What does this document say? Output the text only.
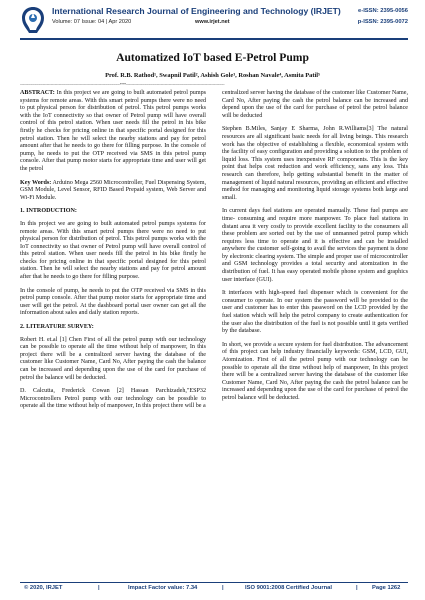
International Research Journal of Engineering and Technology (IRJET)
Volume: 07 Issue: 04 | Apr 2020	www.irjet.net
e-ISSN: 2395-0056
p-ISSN: 2395-0072
Automatized IoT based E-Petrol Pump
Prof. R.B. Rathod¹, Swapnil Patil², Ashish Gole³, Roshan Navale⁴, Asmita Patil⁵
---------------------------------------------------------------------------***--------------------------------------------------------------------------

ABSTRACT: In this project we are going to built automated petrol pumps systems for remote areas. With this smart petrol pumps there were no need to put physical person for distribution of petrol. This petrol pumps works with the IoT connectivity so that owner of Petrol pump will have overall control of this petrol station. When user needs fill the petrol in his bike firstly he checks for pricing online in that specific portal designed for this petrol station. Then he will select the nearby stations and pay for petrol amount after that he needs to go there for filling purpose. In the console of pump, he needs to put the OTP received via SMS in this petrol pump console. After that pump motor starts for appropriate time and user will get the petrol

Key Words: Arduino Mega 2560 Microcontroller, Fuel Dispensing System, GSM Module, Level Sensor, RFID Based Prepaid system, Web Server and Wi-Fi Module.

1. INTRODUCTION:

In this project we are going to built automated petrol pumps systems for remote areas. With this smart petrol pumps there were no need to put physical person for distribution of petrol. This petrol pumps works with the IoT connectivity so that owner of Petrol pump will have overall control of this petrol station. When user needs fill the petrol in his bike firstly he checks for pricing online in that specific portal designed for this petrol station. Then he will select the nearby stations and pay for petrol amount after that he needs to go there for filling purpose.

In the console of pump, he needs to put the OTP received via SMS in this petrol pump console. After that pump motor starts for appropriate time and user will get the petrol. At the dashboard portal user owner can get all the information about sales and daily station reports.

2. LITERATURE SURVEY:

Robert H. et.al [1] Chen First of all the petrol pump with our technology can be possible to operate all the time without help of manpower, In this project there will be a centralized server having the database of the customer like Customer Name, Card No, After paying the cash the balance can be increased and depending upon the use of the card for purchase of petrol the balance will be deducted.

D. Calcutta, Frederick Cowan [2] Hassan Parchizadeh,"ESP32 Microcontrollers Petrol pump with our technology can be possible to operate all the time without help of manpower, In this project there will be a

centralized server having the database of the customer like Customer Name, Card No, After paying the cash the petrol balance can be increased and depend upon the use of the card for purchase of petrol the petrol balance will be deducted

Stephen B.Miles, Sanjay E Sharma, John R.Williams[3] The natural resources are all significant basic needs for all living beings. This research work has the objective of establishing a flexible, economical system with the facility of easy configuration and providing a solution to the problem of liquid loss. This system uses inexpensive RF components. This is the key point that helps cost reduction and work efficiency, sans any loss. This research can therefore, help getting substantial benefit in the matter of management of liquid natural resources, providing an efficient and effective method for managing and monitoring liquid storage systems both large and small.

In current days fuel stations are operated manually. These fuel pumps are time- consuming and require more manpower. To place fuel stations in distant area it very costly to provide excellent facility to the consumers all these problem are sorted out by the use of unmanned petrol pump which requires less time to operate and it is effective and can be installed anywhere the customer self-going to avail the services the payment is done by electronic clearing system. The simple and proper use of microcontroller and GSM technology provides a total security and atomization in the distribution of fuel. It has easy operated mobile phone system and graphics user interface (GUI).

It interfaces with high-speed fuel dispenser which is convenient for the consumer to operate. In our system the password will be provided to the user and customer has to enter this password on the LCD provided by the fuel station which will help the petrol company to create authentication for the user also the distribution of the fuel is not possible until it gets verified by the database.

In short, we provide a secure system for fuel distribution. The advancement of this project can help industry financially keywords: GSM, LCD, GUI, Atomization. First of all the petrol pump with our technology can be possible to operate all the time without help of manpower, In this project there will be a centralized server having the database of the customer like Customer Name, Card No, After paying the cash the petrol balance can be increased and depending upon the use of the card for purchase of petrol the petrol balance will be deducted.

© 2020, IRJET	|	Impact Factor value: 7.34	|	ISO 9001:2008 Certified Journal	| Page 1262
